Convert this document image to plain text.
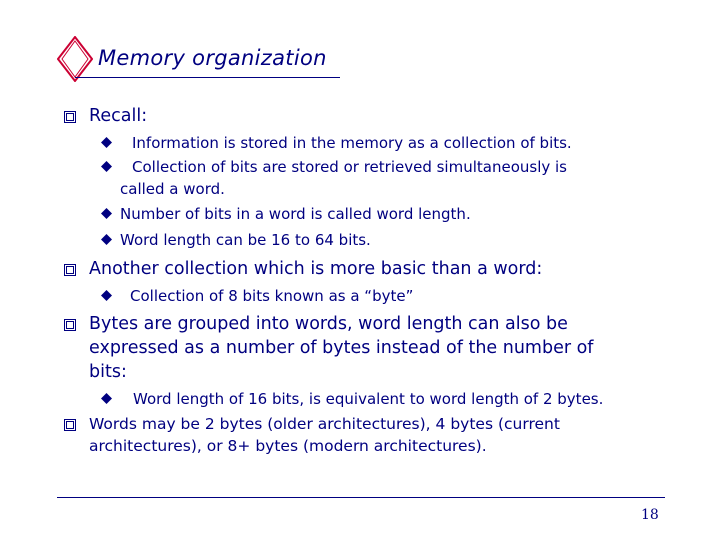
Memory organization
Recall:
Information is stored in the memory as a collection of bits.
Collection of bits are stored or retrieved simultaneously is
called a word.
Number of bits in a word is called word length.
Word length can be 16 to 64 bits.
Another collection which is more basic than a word:
Collection of 8 bits known as a “byte”
Bytes are grouped into words, word length can also be
expressed as a number of bytes instead of the number of
bits:
Word length of 16 bits, is equivalent to word length of 2 bytes.
Words may be 2 bytes (older architectures), 4 bytes (current
architectures), or 8+ bytes (modern architectures).
18
